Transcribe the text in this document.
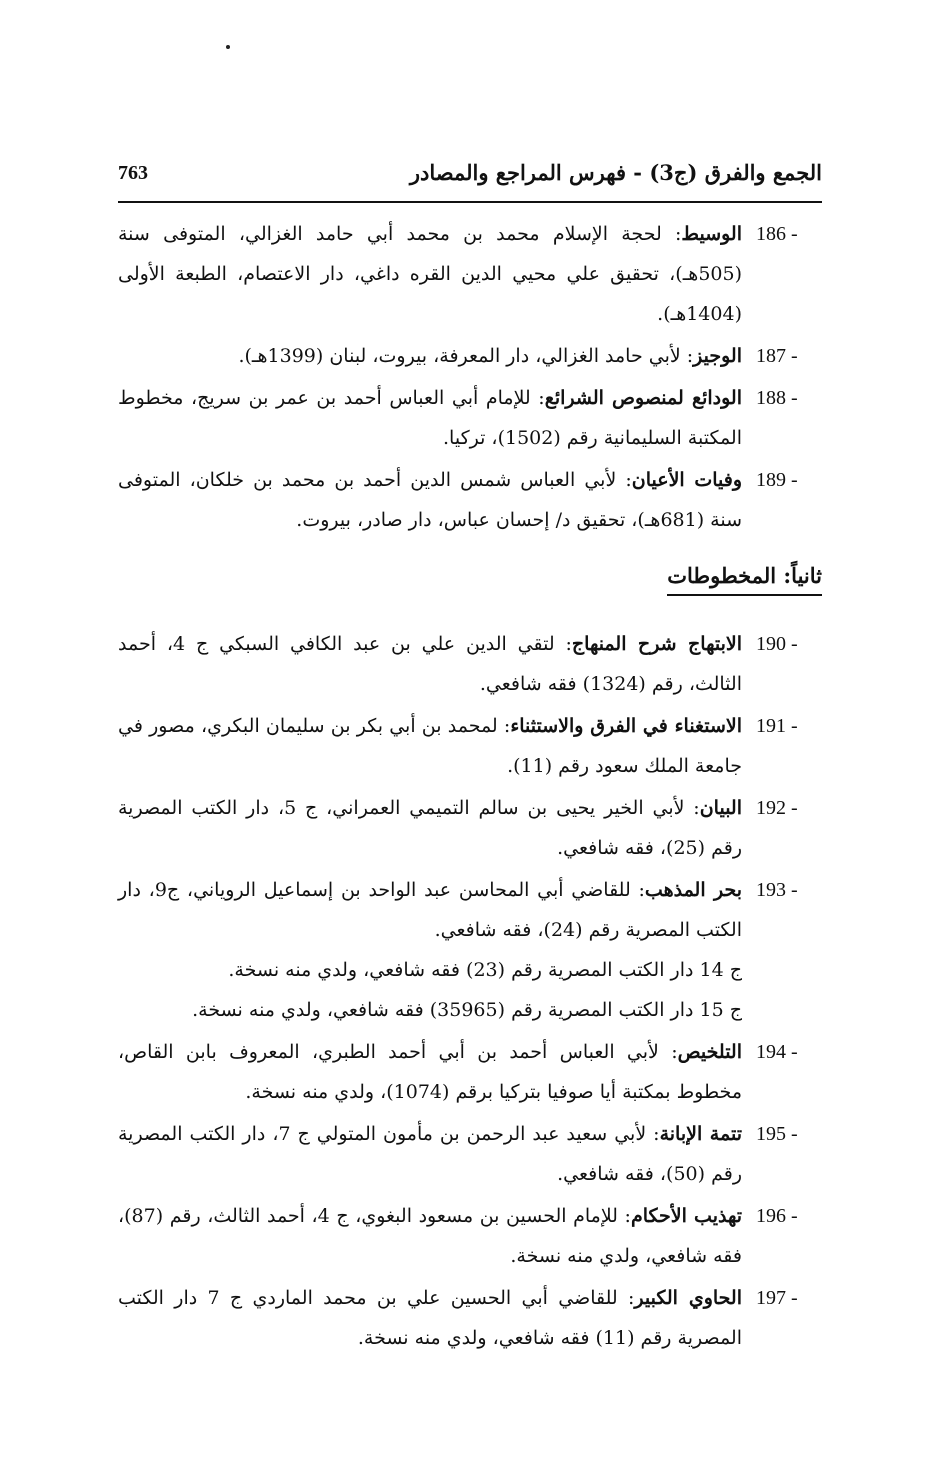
الجمع والفرق (ج3) - فهرس المراجع والمصادر
763
186 -
الوسيط: لحجة الإسلام محمد بن محمد أبي حامد الغزالي، المتوفى سنة (505هـ)، تحقيق علي محيي الدين القره داغي، دار الاعتصام، الطبعة الأولى (1404هـ).
187 -
الوجيز: لأبي حامد الغزالي، دار المعرفة، بيروت، لبنان (1399هـ).
188 -
الودائع لمنصوص الشرائع: للإمام أبي العباس أحمد بن عمر بن سريج، مخطوط المكتبة السليمانية رقم (1502)، تركيا.
189 -
وفيات الأعيان: لأبي العباس شمس الدين أحمد بن محمد بن خلكان، المتوفى سنة (681هـ)، تحقيق د/ إحسان عباس، دار صادر، بيروت.
ثانياً: المخطوطات
190 -
الابتهاج شرح المنهاج: لتقي الدين علي بن عبد الكافي السبكي ج 4، أحمد الثالث، رقم (1324) فقه شافعي.
191 -
الاستغناء في الفرق والاستثناء: لمحمد بن أبي بكر بن سليمان البكري، مصور في جامعة الملك سعود رقم (11).
192 -
البيان: لأبي الخير يحيى بن سالم التميمي العمراني، ج 5، دار الكتب المصرية رقم (25)، فقه شافعي.
193 -
بحر المذهب: للقاضي أبي المحاسن عبد الواحد بن إسماعيل الروياني، ج9، دار الكتب المصرية رقم (24)، فقه شافعي.
ج 14 دار الكتب المصرية رقم (23) فقه شافعي، ولدي منه نسخة.
ج 15 دار الكتب المصرية رقم (35965) فقه شافعي، ولدي منه نسخة.
194 -
التلخيص: لأبي العباس أحمد بن أبي أحمد الطبري، المعروف بابن القاص، مخطوط بمكتبة أيا صوفيا بتركيا برقم (1074)، ولدي منه نسخة.
195 -
تتمة الإبانة: لأبي سعيد عبد الرحمن بن مأمون المتولي ج 7، دار الكتب المصرية رقم (50)، فقه شافعي.
196 -
تهذيب الأحكام: للإمام الحسين بن مسعود البغوي، ج 4، أحمد الثالث، رقم (87)، فقه شافعي، ولدي منه نسخة.
197 -
الحاوي الكبير: للقاضي أبي الحسين علي بن محمد الماردي ج 7 دار الكتب المصرية رقم (11) فقه شافعي، ولدي منه نسخة.
